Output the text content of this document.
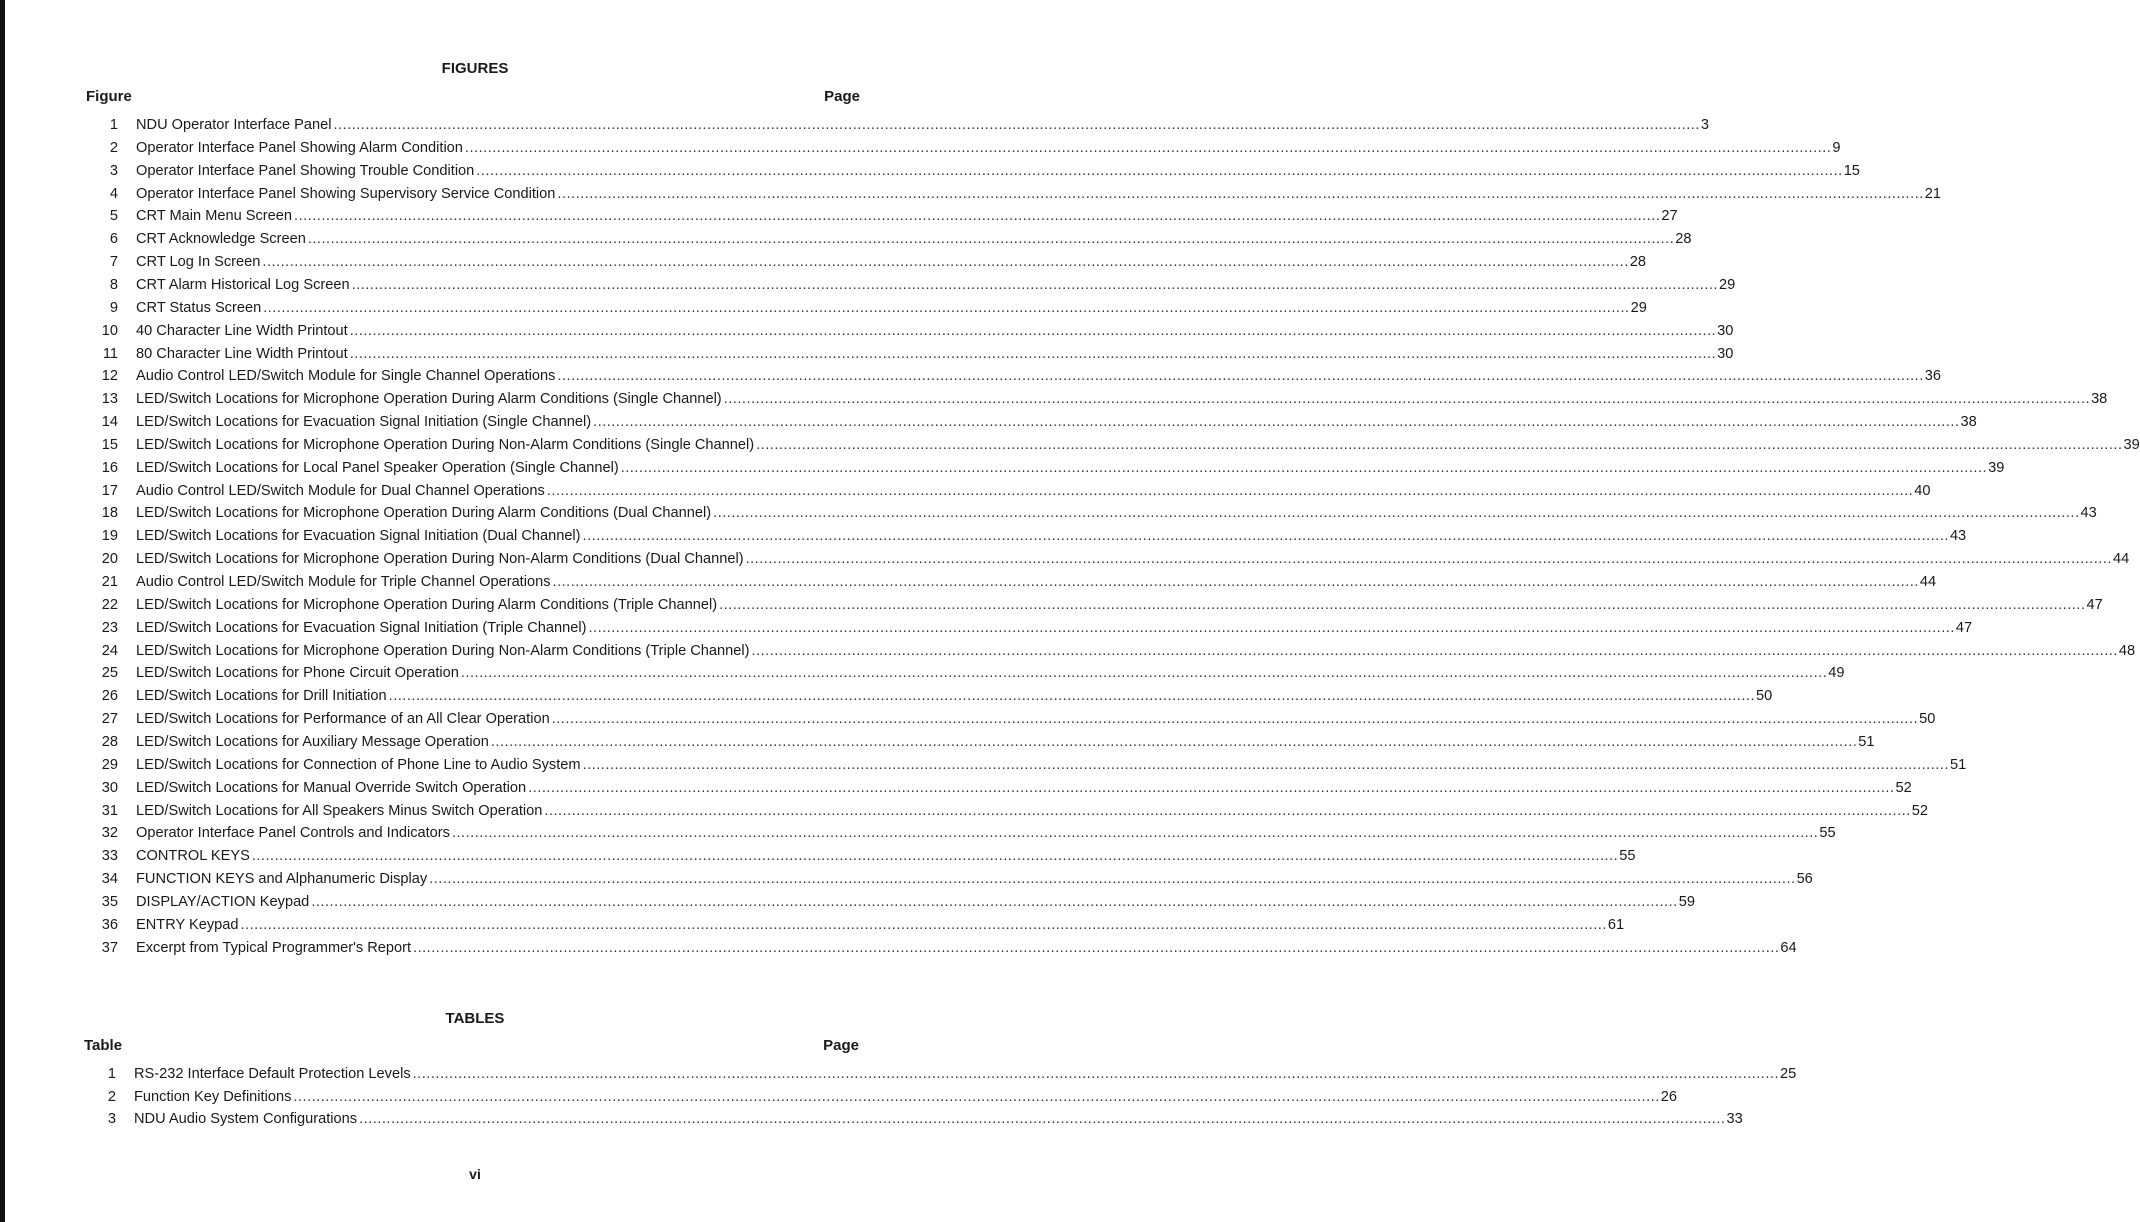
FIGURES
Figure	Page
1 NDU Operator Interface Panel ............................................................................................................................................................................................................................................................................................................ 3
2 Operator Interface Panel Showing Alarm Condition ............................................................................................................................................................................................................................................................................................................ 9
3 Operator Interface Panel Showing Trouble Condition ............................................................................................................................................................................................................................................................................................................ 15
4 Operator Interface Panel Showing Supervisory Service Condition ............................................................................................................................................................................................................................................................................................................ 21
5 CRT Main Menu Screen ............................................................................................................................................................................................................................................................................................................ 27
6 CRT Acknowledge Screen ............................................................................................................................................................................................................................................................................................................ 28
7 CRT Log In Screen ............................................................................................................................................................................................................................................................................................................ 28
8 CRT Alarm Historical Log Screen ............................................................................................................................................................................................................................................................................................................ 29
9 CRT Status Screen ............................................................................................................................................................................................................................................................................................................ 29
10 40 Character Line Width Printout ............................................................................................................................................................................................................................................................................................................ 30
11 80 Character Line Width Printout ............................................................................................................................................................................................................................................................................................................ 30
12 Audio Control LED/Switch Module for Single Channel Operations ............................................................................................................................................................................................................................................................................................................ 36
13 LED/Switch Locations for Microphone Operation During Alarm Conditions (Single Channel) ............................................................................................................................................................................................................................................................................................................ 38
14 LED/Switch Locations for Evacuation Signal Initiation (Single Channel) ............................................................................................................................................................................................................................................................................................................ 38
15 LED/Switch Locations for Microphone Operation During Non-Alarm Conditions (Single Channel) ............................................................................................................................................................................................................................................................................................................ 39
16 LED/Switch Locations for Local Panel Speaker Operation (Single Channel) ............................................................................................................................................................................................................................................................................................................ 39
17 Audio Control LED/Switch Module for Dual Channel Operations ............................................................................................................................................................................................................................................................................................................ 40
18 LED/Switch Locations for Microphone Operation During Alarm Conditions (Dual Channel) ............................................................................................................................................................................................................................................................................................................ 43
19 LED/Switch Locations for Evacuation Signal Initiation (Dual Channel) ............................................................................................................................................................................................................................................................................................................ 43
20 LED/Switch Locations for Microphone Operation During Non-Alarm Conditions (Dual Channel) ............................................................................................................................................................................................................................................................................................................ 44
21 Audio Control LED/Switch Module for Triple Channel Operations ............................................................................................................................................................................................................................................................................................................ 44
22 LED/Switch Locations for Microphone Operation During Alarm Conditions (Triple Channel) ............................................................................................................................................................................................................................................................................................................ 47
23 LED/Switch Locations for Evacuation Signal Initiation (Triple Channel) ............................................................................................................................................................................................................................................................................................................ 47
24 LED/Switch Locations for Microphone Operation During Non-Alarm Conditions (Triple Channel) ............................................................................................................................................................................................................................................................................................................ 48
25 LED/Switch Locations for Phone Circuit Operation ............................................................................................................................................................................................................................................................................................................ 49
26 LED/Switch Locations for Drill Initiation ............................................................................................................................................................................................................................................................................................................ 50
27 LED/Switch Locations for Performance of an All Clear Operation ............................................................................................................................................................................................................................................................................................................ 50
28 LED/Switch Locations for Auxiliary Message Operation ............................................................................................................................................................................................................................................................................................................ 51
29 LED/Switch Locations for Connection of Phone Line to Audio System ............................................................................................................................................................................................................................................................................................................ 51
30 LED/Switch Locations for Manual Override Switch Operation ............................................................................................................................................................................................................................................................................................................ 52
31 LED/Switch Locations for All Speakers Minus Switch Operation ............................................................................................................................................................................................................................................................................................................ 52
32 Operator Interface Panel Controls and Indicators ............................................................................................................................................................................................................................................................................................................ 55
33 CONTROL KEYS ............................................................................................................................................................................................................................................................................................................ 55
34 FUNCTION KEYS and Alphanumeric Display ............................................................................................................................................................................................................................................................................................................ 56
35 DISPLAY/ACTION Keypad ............................................................................................................................................................................................................................................................................................................ 59
36 ENTRY Keypad ............................................................................................................................................................................................................................................................................................................ 61
37 Excerpt from Typical Programmer's Report ............................................................................................................................................................................................................................................................................................................ 64
TABLES
Table	Page
1 RS-232 Interface Default Protection Levels ............................................................................................................................................................................................................................................................................................................ 25
2 Function Key Definitions ............................................................................................................................................................................................................................................................................................................ 26
3 NDU Audio System Configurations ............................................................................................................................................................................................................................................................................................................ 33
vi
